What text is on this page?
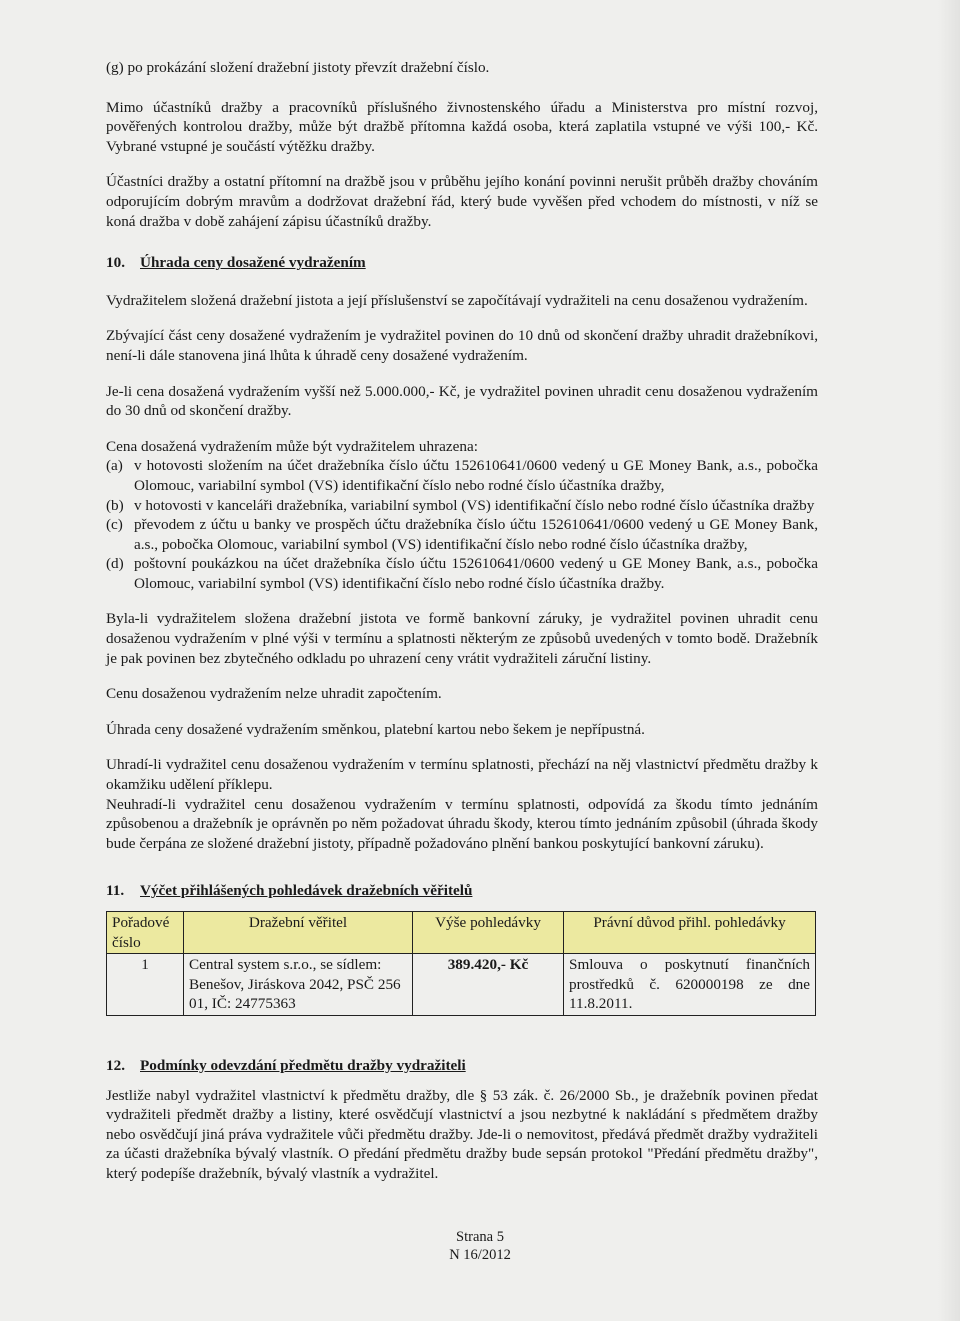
(g) po prokázání složení dražební jistoty převzít dražební číslo.

Mimo účastníků dražby a pracovníků příslušného živnostenského úřadu a Ministerstva pro místní rozvoj, pověřených kontrolou dražby, může být dražbě přítomna každá osoba, která zaplatila vstupné ve výši 100,- Kč. Vybrané vstupné je součástí výtěžku dražby.

Účastníci dražby a ostatní přítomní na dražbě jsou v průběhu jejího konání povinni nerušit průběh dražby chováním odporujícím dobrým mravům a dodržovat dražební řád, který bude vyvěšen před vchodem do místnosti, v níž se koná dražba v době zahájení zápisu účastníků dražby.

10. Úhrada ceny dosažené vydražením

Vydražitelem složená dražební jistota a její příslušenství se započítávají vydražiteli na cenu dosaženou vydražením.

Zbývající část ceny dosažené vydražením je vydražitel povinen do 10 dnů od skončení dražby uhradit dražebníkovi, není-li dále stanovena jiná lhůta k úhradě ceny dosažené vydražením.

Je-li cena dosažená vydražením vyšší než 5.000.000,- Kč, je vydražitel povinen uhradit cenu dosaženou vydražením do 30 dnů od skončení dražby.

Cena dosažená vydražením může být vydražitelem uhrazena:

(a) v hotovosti složením na účet dražebníka číslo účtu 152610641/0600 vedený u GE Money Bank, a.s., pobočka Olomouc, variabilní symbol (VS) identifikační číslo nebo rodné číslo účastníka dražby,
(b) v hotovosti v kanceláři dražebníka, variabilní symbol (VS) identifikační číslo nebo rodné číslo účastníka dražby
(c) převodem z účtu u banky ve prospěch účtu dražebníka číslo účtu 152610641/0600 vedený u GE Money Bank, a.s., pobočka Olomouc, variabilní symbol (VS) identifikační číslo nebo rodné číslo účastníka dražby,
(d) poštovní poukázkou na účet dražebníka číslo účtu 152610641/0600 vedený u GE Money Bank, a.s., pobočka Olomouc, variabilní symbol (VS) identifikační číslo nebo rodné číslo účastníka dražby.

Byla-li vydražitelem složena dražební jistota ve formě bankovní záruky, je vydražitel povinen uhradit cenu dosaženou vydražením v plné výši v termínu a splatnosti některým ze způsobů uvedených v tomto bodě. Dražebník je pak povinen bez zbytečného odkladu po uhrazení ceny vrátit vydražiteli záruční listiny.

Cenu dosaženou vydražením nelze uhradit započtením.

Úhrada ceny dosažené vydražením směnkou, platební kartou nebo šekem je nepřípustná.

Uhradí-li vydražitel cenu dosaženou vydražením v termínu splatnosti, přechází na něj vlastnictví předmětu dražby k okamžiku udělení příklepu.

Neuhradí-li vydražitel cenu dosaženou vydražením v termínu splatnosti, odpovídá za škodu tímto jednáním způsobenou a dražebník je oprávněn po něm požadovat úhradu škody, kterou tímto jednáním způsobil (úhrada škody bude čerpána ze složené dražební jistoty, případně požadováno plnění bankou poskytující bankovní záruku).

11. Výčet přihlášených pohledávek dražebních věřitelů
Pořadové číslo	Dražební věřitel	Výše pohledávky	Právní důvod přihl. pohledávky
1	Central system s.r.o., se sídlem: Benešov, Jiráskova 2042, PSČ 256 01, IČ: 24775363	389.420,- Kč	Smlouva o poskytnutí finančních prostředků č. 620000198 ze dne 11.8.2011.
12. Podmínky odevzdání předmětu dražby vydražiteli

Jestliže nabyl vydražitel vlastnictví k předmětu dražby, dle § 53 zák. č. 26/2000 Sb., je dražebník povinen předat vydražiteli předmět dražby a listiny, které osvědčují vlastnictví a jsou nezbytné k nakládání s předmětem dražby nebo osvědčují jiná práva vydražitele vůči předmětu dražby. Jde-li o nemovitost, předává předmět dražby vydražiteli za účasti dražebníka bývalý vlastník. O předání předmětu dražby bude sepsán protokol "Předání předmětu dražby", který podepíše dražebník, bývalý vlastník a vydražitel.

Strana 5
N 16/2012
